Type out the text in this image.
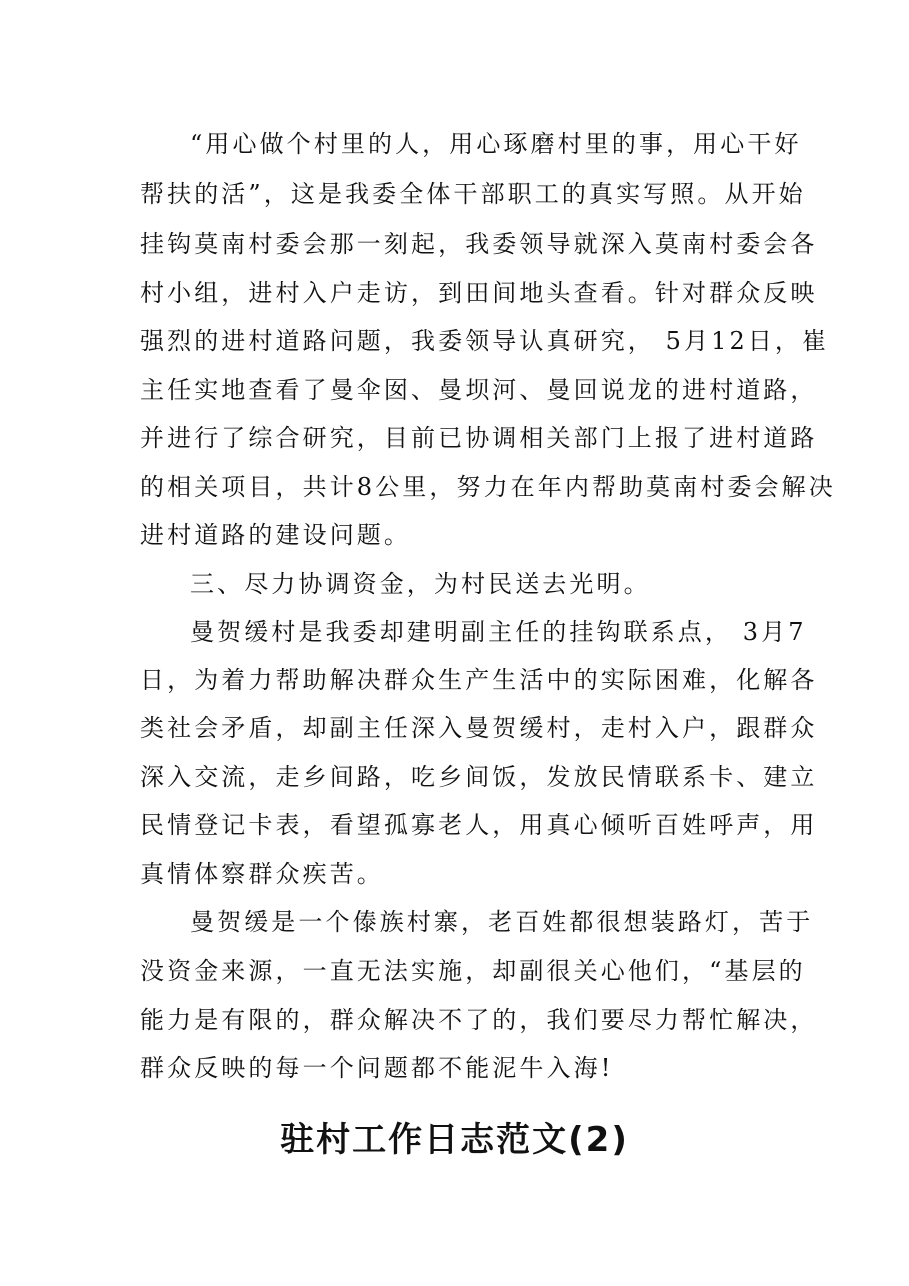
“用心做个村里的人，用心琢磨村里的事，用心干好
帮扶的活”，这是我委全体干部职工的真实写照。从开始
挂钩莫南村委会那一刻起，我委领导就深入莫南村委会各
村小组，进村入户走访，到田间地头查看。针对群众反映
强烈的进村道路问题，我委领导认真研究， 5月12日，崔
主任实地查看了曼伞囡、曼坝河、曼回说龙的进村道路，
并进行了综合研究，目前已协调相关部门上报了进村道路
的相关项目，共计8公里，努力在年内帮助莫南村委会解决
进村道路的建设问题。
三、尽力协调资金，为村民送去光明。
曼贺缓村是我委却建明副主任的挂钩联系点， 3月7
日，为着力帮助解决群众生产生活中的实际困难，化解各
类社会矛盾，却副主任深入曼贺缓村，走村入户，跟群众
深入交流，走乡间路，吃乡间饭，发放民情联系卡、建立
民情登记卡表，看望孤寡老人，用真心倾听百姓呼声，用
真情体察群众疾苦。
曼贺缓是一个傣族村寨，老百姓都很想装路灯，苦于
没资金来源，一直无法实施，却副很关心他们，“基层的
能力是有限的，群众解决不了的，我们要尽力帮忙解决，
群众反映的每一个问题都不能泥牛入海!
驻村工作日志范文(2)
